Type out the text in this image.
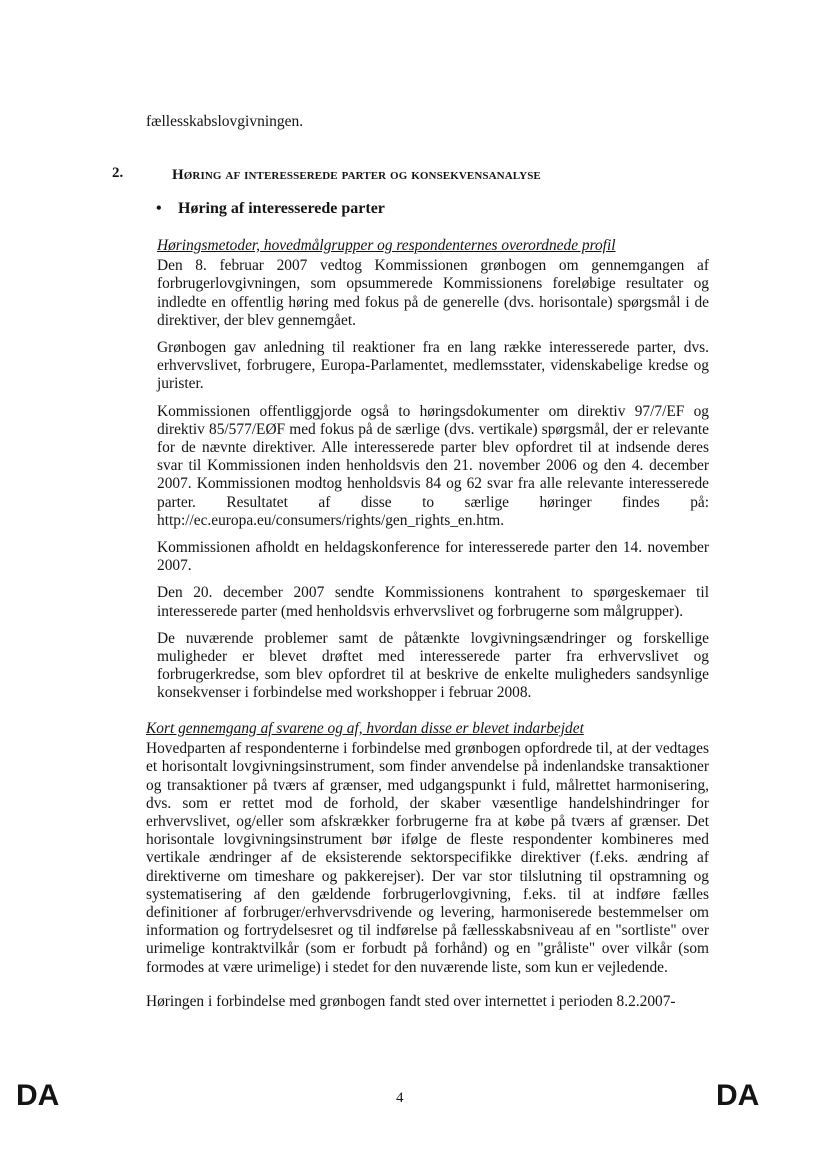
fællesskabslovgivningen.
2.	Høring af interesserede parter og konsekvensanalyse
• Høring af interesserede parter

Høringsmetoder, hovedmålgrupper og respondenternes overordnede profil

Den 8. februar 2007 vedtog Kommissionen grønbogen om gennemgangen af forbrugerlovgivningen, som opsummerede Kommissionens foreløbige resultater og indledte en offentlig høring med fokus på de generelle (dvs. horisontale) spørgsmål i de direktiver, der blev gennemgået.

Grønbogen gav anledning til reaktioner fra en lang række interesserede parter, dvs. erhvervslivet, forbrugere, Europa-Parlamentet, medlemsstater, videnskabelige kredse og jurister.

Kommissionen offentliggjorde også to høringsdokumenter om direktiv 97/7/EF og direktiv 85/577/EØF med fokus på de særlige (dvs. vertikale) spørgsmål, der er relevante for de nævnte direktiver. Alle interesserede parter blev opfordret til at indsende deres svar til Kommissionen inden henholdsvis den 21. november 2006 og den 4. december 2007. Kommissionen modtog henholdsvis 84 og 62 svar fra alle relevante interesserede parter. Resultatet af disse to særlige høringer findes på: http://ec.europa.eu/consumers/rights/gen_rights_en.htm.

Kommissionen afholdt en heldagskonference for interesserede parter den 14. november 2007.

Den 20. december 2007 sendte Kommissionens kontrahent to spørgeskemaer til interesserede parter (med henholdsvis erhvervslivet og forbrugerne som målgrupper).

De nuværende problemer samt de påtænkte lovgivningsændringer og forskellige muligheder er blevet drøftet med interesserede parter fra erhvervslivet og forbrugerkredse, som blev opfordret til at beskrive de enkelte muligheders sandsynlige konsekvenser i forbindelse med workshopper i februar 2008.

Kort gennemgang af svarene og af, hvordan disse er blevet indarbejdet

Hovedparten af respondenterne i forbindelse med grønbogen opfordrede til, at der vedtages et horisontalt lovgivningsinstrument, som finder anvendelse på indenlandske transaktioner og transaktioner på tværs af grænser, med udgangspunkt i fuld, målrettet harmonisering, dvs. som er rettet mod de forhold, der skaber væsentlige handelshindringer for erhvervslivet, og/eller som afskrækker forbrugerne fra at købe på tværs af grænser. Det horisontale lovgivningsinstrument bør ifølge de fleste respondenter kombineres med vertikale ændringer af de eksisterende sektorspecifikke direktiver (f.eks. ændring af direktiverne om timeshare og pakkerejser). Der var stor tilslutning til opstramning og systematisering af den gældende forbrugerlovgivning, f.eks. til at indføre fælles definitioner af forbruger/erhvervsdrivende og levering, harmoniserede bestemmelser om information og fortrydelsesret og til indførelse på fællesskabsniveau af en "sortliste" over urimelige kontraktvilkår (som er forbudt på forhånd) og en "gråliste" over vilkår (som formodes at være urimelige) i stedet for den nuværende liste, som kun er vejledende.

Høringen i forbindelse med grønbogen fandt sted over internettet i perioden 8.2.2007-

DA	4	DA
